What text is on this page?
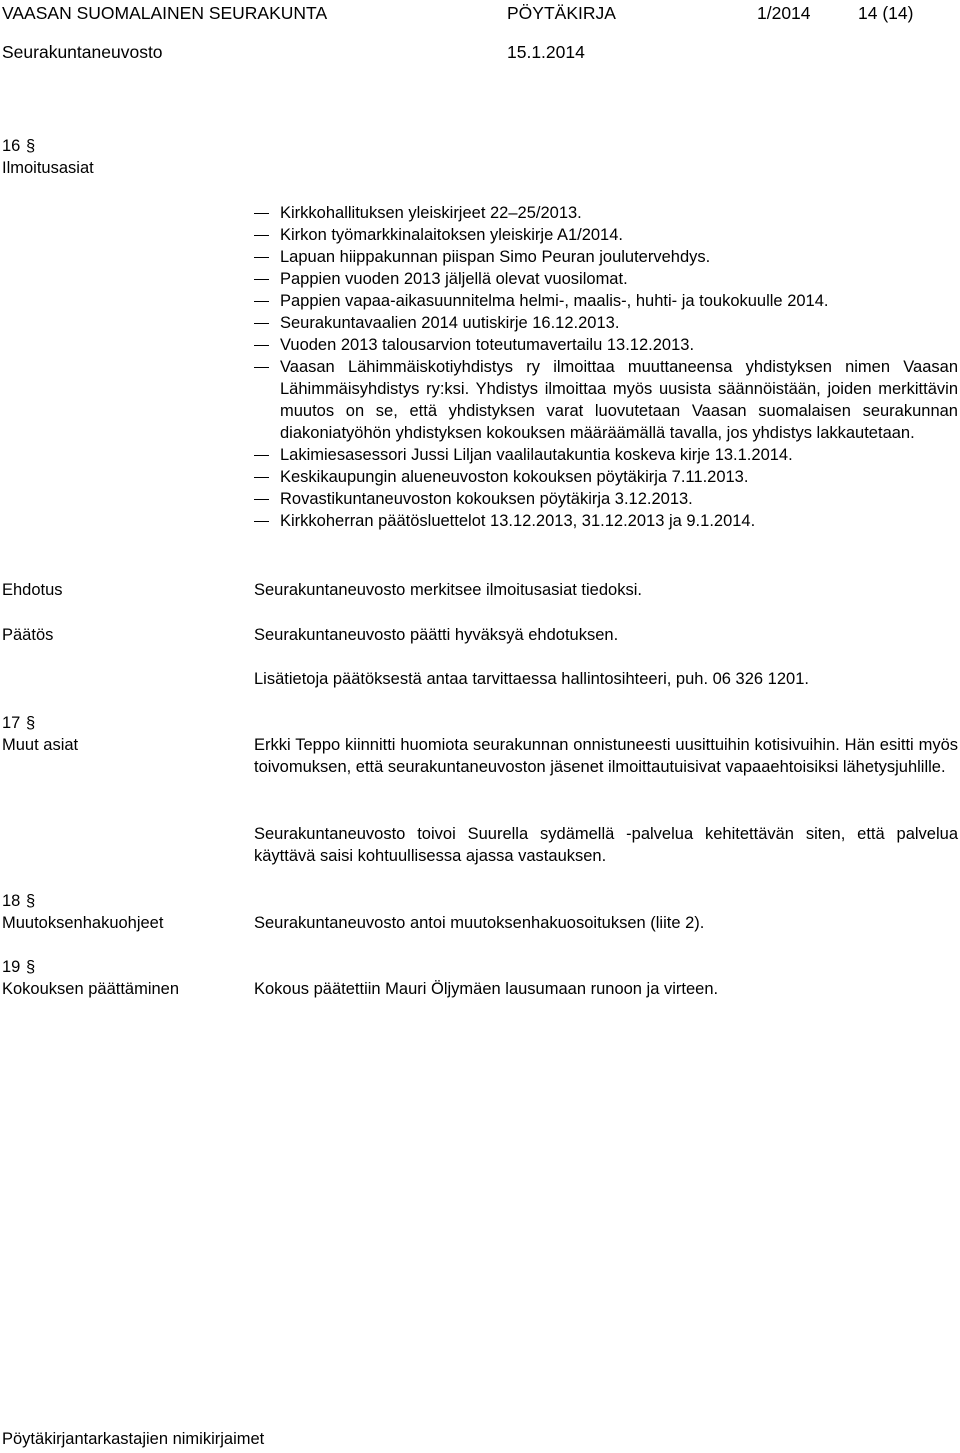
VAASAN SUOMALAINEN SEURAKUNTA	PÖYTÄKIRJA	1/2014	14 (14)
Seurakuntaneuvosto	15.1.2014
16 §
Ilmoitusasiat
Kirkkohallituksen yleiskirjeet 22–25/2013.
Kirkon työmarkkinalaitoksen yleiskirje A1/2014.
Lapuan hiippakunnan piispan Simo Peuran joulutervehdys.
Pappien vuoden 2013 jäljellä olevat vuosilomat.
Pappien vapaa-aikasuunnitelma helmi-, maalis-, huhti- ja toukokuulle 2014.
Seurakuntavaalien 2014 uutiskirje 16.12.2013.
Vuoden 2013 talousarvion toteutumavertailu 13.12.2013.
Vaasan Lähimmäiskotiyhdistys ry ilmoittaa muuttaneensa yhdistyksen nimen Vaasan Lähimmäisyhdistys ry:ksi. Yhdistys ilmoittaa myös uusista säännöistään, joiden merkittävin muutos on se, että yhdistyksen varat luovutetaan Vaasan suomalaisen seurakunnan diakoniatyöhön yhdistyksen kokouksen määräämällä tavalla, jos yhdistys lakkautetaan.
Lakimiesasessori Jussi Liljan vaalilautakuntia koskeva kirje 13.1.2014.
Keskikaupungin alueneuvoston kokouksen pöytäkirja 7.11.2013.
Rovastikuntaneuvoston kokouksen pöytäkirja 3.12.2013.
Kirkkoherran päätösluettelot 13.12.2013, 31.12.2013 ja 9.1.2014.
Ehdotus	Seurakuntaneuvosto merkitsee ilmoitusasiat tiedoksi.
Päätös	Seurakuntaneuvosto päätti hyväksyä ehdotuksen.
Lisätietoja päätöksestä antaa tarvittaessa hallintosihteeri, puh. 06 326 1201.
17 §
Muut asiat	Erkki Teppo kiinnitti huomiota seurakunnan onnistuneesti uusittuihin kotisivuihin. Hän esitti myös toivomuksen, että seurakuntaneuvoston jäsenet ilmoittautuisivat vapaaehtoisiksi lähetysjuhlille.
Seurakuntaneuvosto toivoi Suurella sydämellä -palvelua kehitettävän siten, että palvelua käyttävä saisi kohtuullisessa ajassa vastauksen.
18 §
Muutoksenhakuohjeet	Seurakuntaneuvosto antoi muutoksenhakuosoituksen (liite 2).
19 §
Kokouksen päättäminen	Kokous päätettiin Mauri Öljymäen lausumaan runoon ja virteen.
Pöytäkirjantarkastajien nimikirjaimet
